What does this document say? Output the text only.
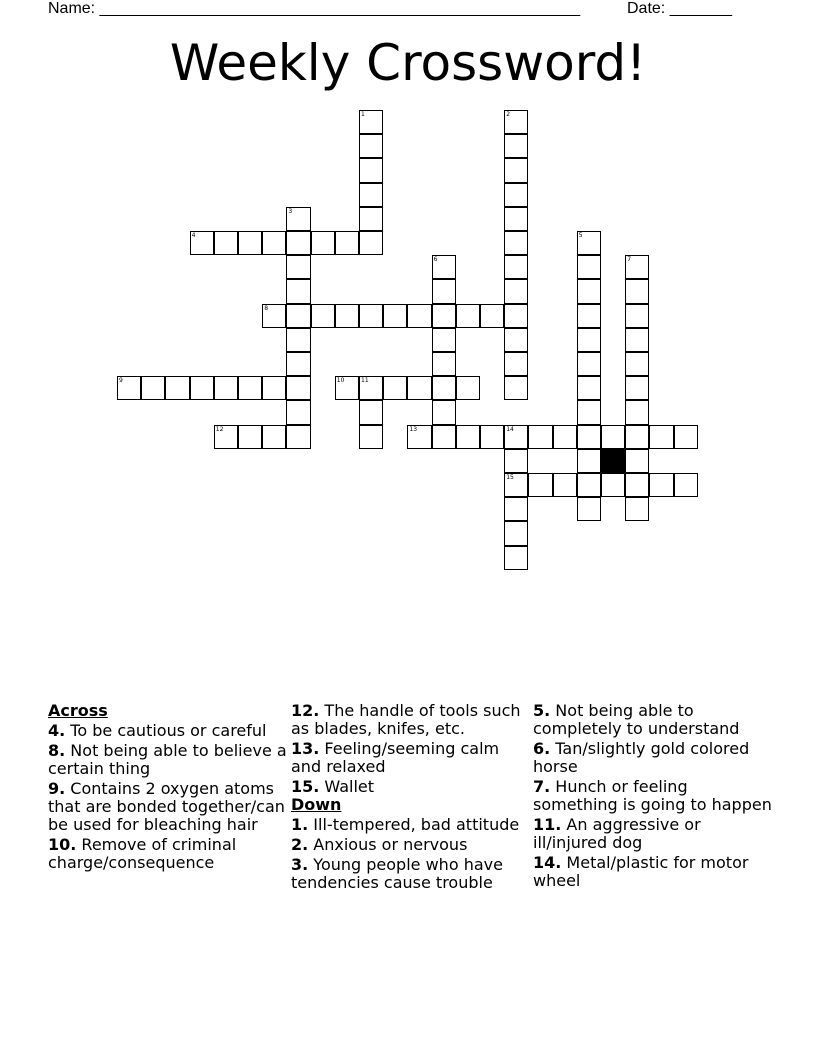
Name: ______________________________________________________	Date: _______
Weekly Crossword!
1	2
3
4	5
6	7
8
9	10	11
12	13	14
15
Across
4. To be cautious or careful
8. Not being able to believe a certain thing
9. Contains 2 oxygen atoms that are bonded together/can be used for bleaching hair
10. Remove of criminal charge/consequence
12. The handle of tools such as blades, knifes, etc.
13. Feeling/seeming calm and relaxed
15. Wallet
Down
1. Ill-tempered, bad attitude
2. Anxious or nervous
3. Young people who have tendencies cause trouble
5. Not being able to completely to understand
6. Tan/slightly gold colored horse
7. Hunch or feeling something is going to happen
11. An aggressive or ill/injured dog
14. Metal/plastic for motor wheel
